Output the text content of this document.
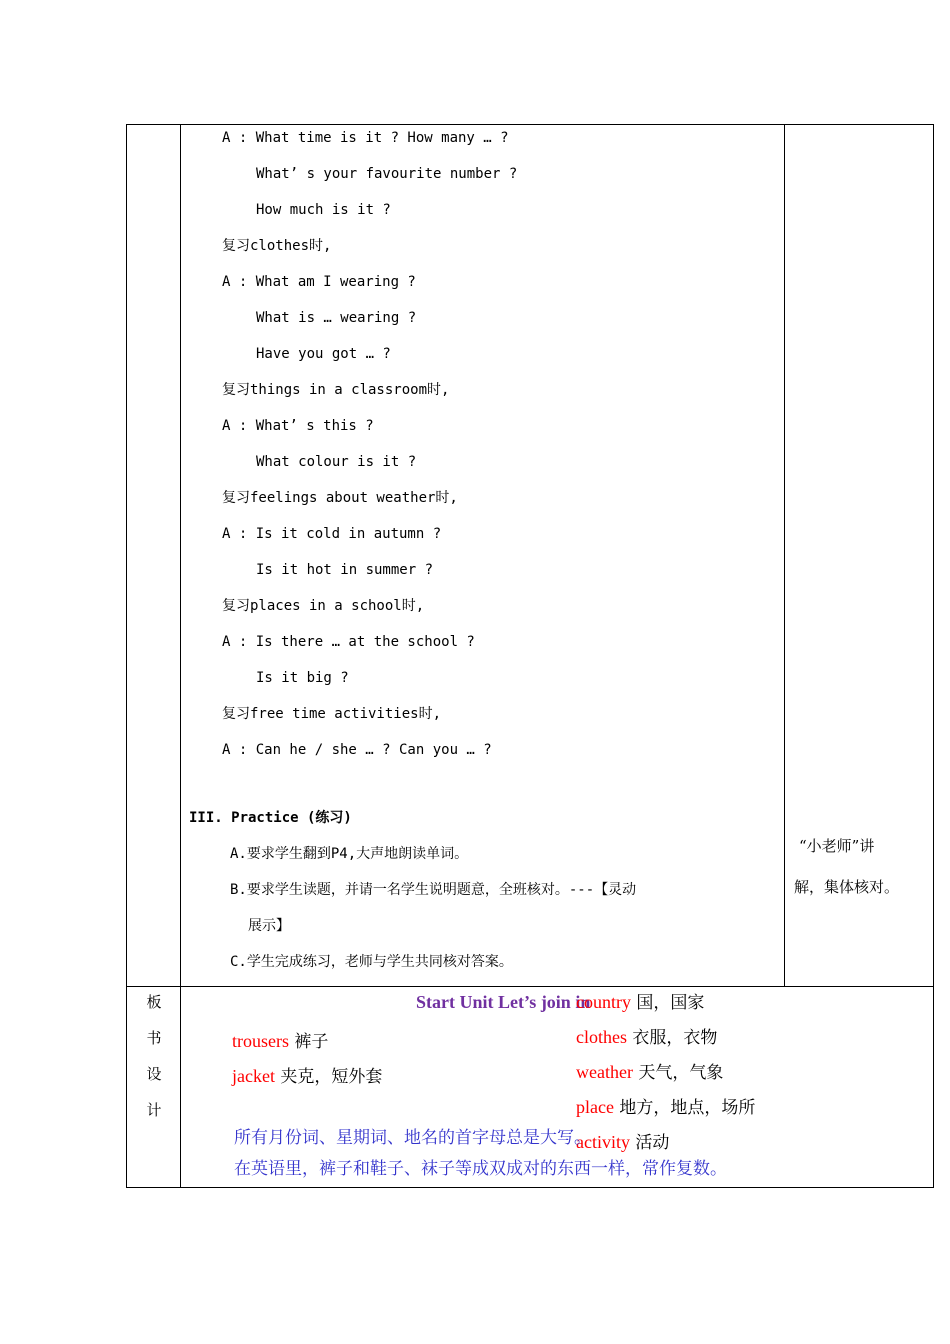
A : What time is it ? How many … ?
What’ s your favourite number ?
How much is it ?
复习clothes时,
A : What am I wearing ?
What is … wearing ?
Have you got … ?
复习things in a classroom时,
A : What’ s this ?
What colour is it ?
复习feelings about weather时,
A : Is it cold in autumn ?
Is it hot in summer ?
复习places in a school时,
A : Is there … at the school ?
Is it big ?
复习free time activities时,
A : Can he / she … ? Can you … ?
III. Practice (练习)
A.要求学生翻到P4,大声地朗读单词。
B.要求学生读题，并请一名学生说明题意，全班核对。---【灵动
展示】
C.学生完成练习，老师与学生共同核对答案。
“小老师”讲
解，集体核对。
板
书
设
计
Start Unit Let’s join in
trousers 裤子
jacket 夹克，短外套
country 国，国家
clothes 衣服，衣物
weather 天气，气象
place 地方，地点，场所
activity 活动
所有月份词、星期词、地名的首字母总是大写。
在英语里，裤子和鞋子、袜子等成双成对的东西一样，常作复数。
